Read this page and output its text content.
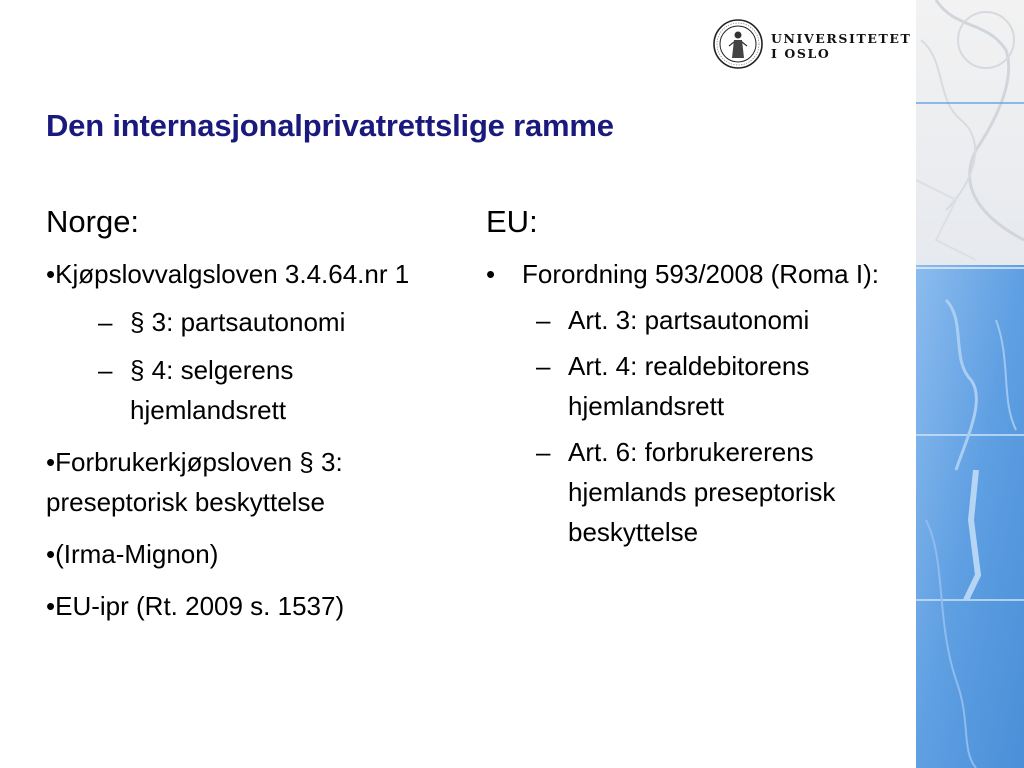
UNIVERSITETET
I OSLO
Den internasjonalprivatrettslige ramme
Norge:
•Kjøpslovvalgsloven 3.4.64.nr 1
– § 3: partsautonomi
– § 4: selgerens hjemlandsrett
•Forbrukerkjøpsloven § 3: preseptorisk beskyttelse
•(Irma-Mignon)
•EU-ipr (Rt. 2009 s. 1537)
EU:
• Forordning 593/2008 (Roma I):
– Art. 3: partsautonomi
– Art. 4: realdebitorens hjemlandsrett
– Art. 6: forbrukererens hjemlands preseptorisk beskyttelse
